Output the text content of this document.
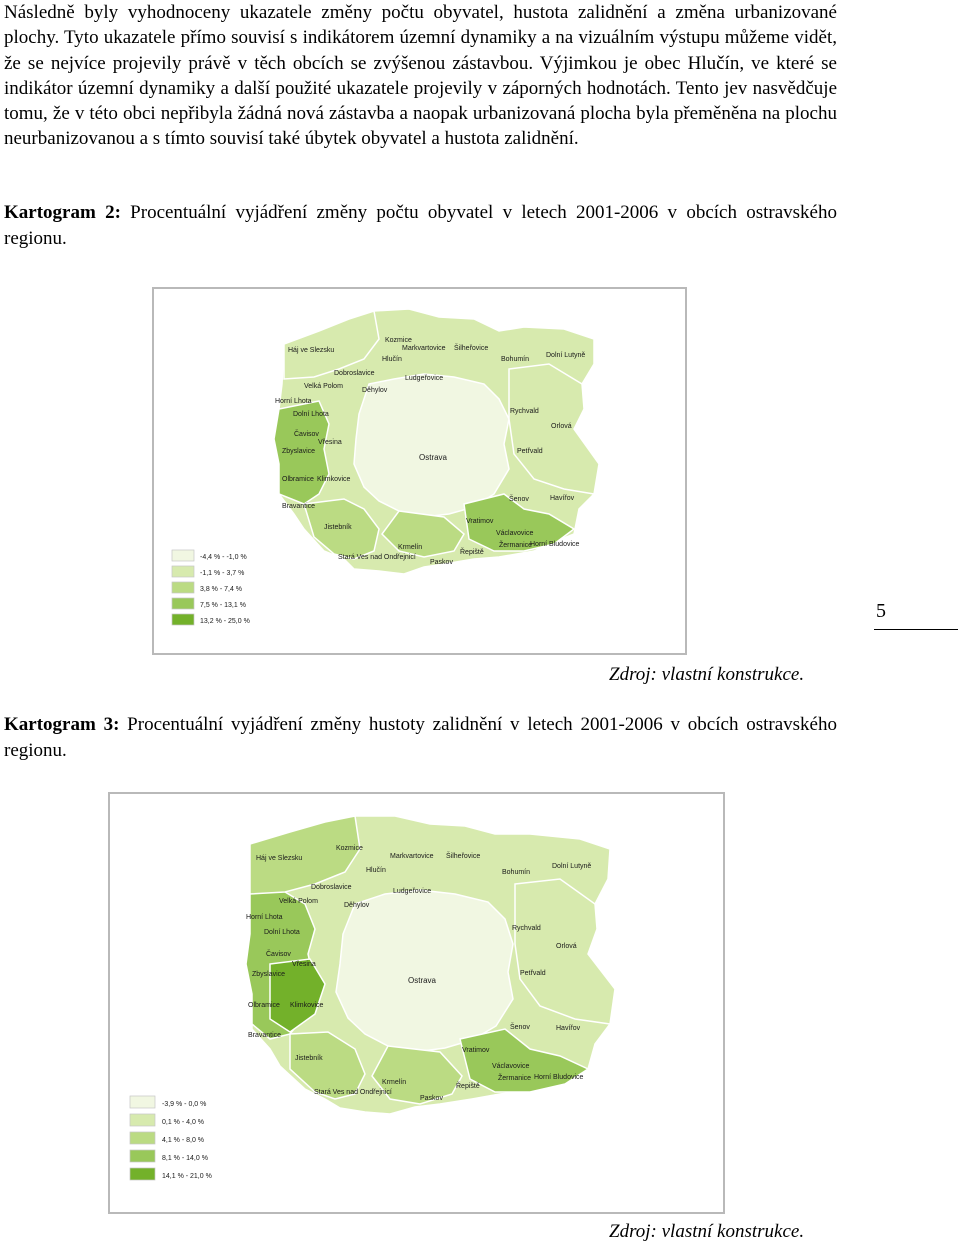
Následně byly vyhodnoceny ukazatele změny počtu obyvatel, hustota zalidnění a změna urbanizované plochy. Tyto ukazatele přímo souvisí s indikátorem územní dynamiky a na vizuálním výstupu můžeme vidět, že se nejvíce projevily právě v těch obcích se zvýšenou zástavbou. Výjimkou je obec Hlučín, ve které se indikátor územní dynamiky a další použité ukazatele projevily v záporných hodnotách. Tento jev nasvědčuje tomu, že v této obci nepřibyla žádná nová zástavba a naopak urbanizovaná plocha byla přeměněna na plochu neurbanizovanou a s tímto souvisí také úbytek obyvatel a hustota zalidnění.

Kartogram 2: Procentuální vyjádření změny počtu obyvatel v letech 2001-2006 v obcích ostravského regionu.

Kozmice
Háj ve Slezsku	Markvartovice Šilheřovice
Bohumín
Dolní Lutyně
Hlučín
Dobroslavice
Ludgeřovice
Velká Polom
Děhylov
Horní Lhota
Dolní Lhota	Rychvald
Orlová
Čavisov
Vřesina
Zbyslavice
Ostrava
Petřvald
Olbramice Klimkovice
Šenov	Havířov
Bravantice
Vratimov
Václavovice
Jistebník
Žermanice
Horní Bludovice
Krmelín
Řepiště
Stará Ves nad Ondřejnicí
Paskov
-4,4 % - -1,0 %
-1,1 % - 3,7 %
3,8 % - 7,4 %
7,5 % - 13,1 %
13,2 % - 25,0 %	5
Zdroj: vlastní konstrukce.

Kartogram 3: Procentuální vyjádření změny hustoty zalidnění v letech 2001-2006 v obcích ostravského regionu.

Kozmice
Háj ve Slezsku	Markvartovice Šilheřovice
Bohumín
Dolní Lutyně
Hlučín
Dobroslavice
Ludgeřovice
Velká Polom
Děhylov
Horní Lhota
Dolní Lhota
Rychvald
Orlová
Čavisov
Vřesina
Zbyslavice
Ostrava
Petřvald
Olbramice Klimkovice
Šenov	Havířov
Bravantice
Vratimov
Václavovice
Jistebník
Žermanice Horní Bludovice
Krmelín
Řepiště
Stará Ves nad Ondřejnicí
Paskov
-3,9 % - 0,0 %
0,1 % - 4,0 %
4,1 % - 8,0 %
8,1 % - 14,0 %
14,1 % - 21,0 %
Zdroj: vlastní konstrukce.
